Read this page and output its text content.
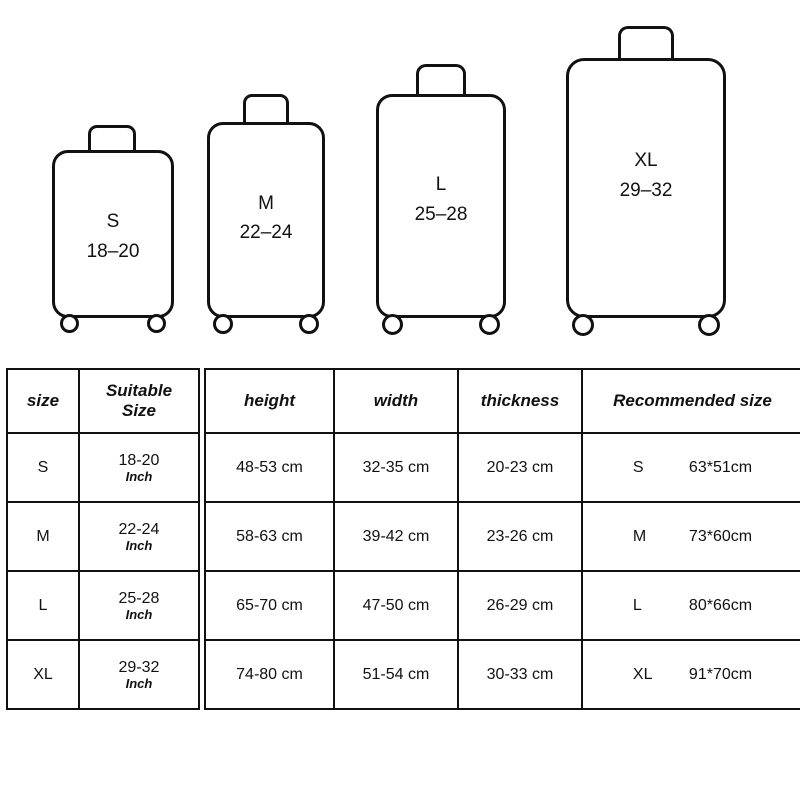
S
18–20
M
22–24
L
25–28
XL
29–32
size	Suitable
Size
S	18-20
Inch

M	22-24
Inch

L	25-28
Inch

XL	29-32
Inch
height	width	thickness	Recommended size
48-53 cm	32-35 cm	20-23 cm	S 63*51cm

58-63 cm	39-42 cm	23-26 cm	M 73*60cm

65-70 cm	47-50 cm	26-29 cm	L 80*66cm

74-80 cm	51-54 cm	30-33 cm	XL 91*70cm
